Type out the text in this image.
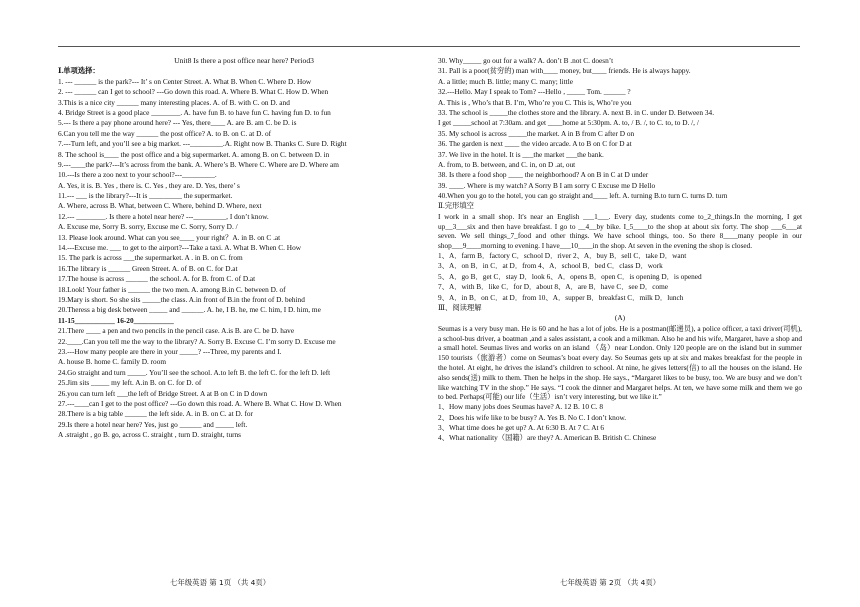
Unit8 Is there a post office near here? Period3
Ⅰ.单项选择：
1. --- ______ is the park?--- It’ s on Center Street. A. What B. When C. Where D. How
2. --- ______ can I get to school? ---Go down this road. A. Where B. What C. How D. When
3.This is a nice city ______ many interesting places. A. of B. with C. on D. and
4. Bridge Street is a good place ________. A. have fun B. to have fun C. having fun D. to fun
5.--- Is there a pay phone around here? --- Yes, there____ A. are B. am C. be D. is
6.Can you tell me the way ______ the post office? A. to B. on C. at D. of
7.---Turn left, and you’ll see a big market. ---_________.A. Right now B. Thanks C. Sure D. Right
8. The school is____ the post office and a big supermarket. A. among B. on C. between D. in
9.---____the park?---It’s across from the bank. A. Where’s B. Where C. Where are D. Where am
10.---Is there a zoo next to your school?---_________.
A. Yes, it is. B. Yes , there is. C. Yes , they are. D. Yes, there’ s
11.--- ___ is the library?---It is _________ the supermarket.
A. Where, across B. What, between C. Where, behind D. Where, next
12.--- ________. Is there a hotel near here? ---_________, I don’t know.
A. Excuse me, Sorry B. sorry, Excuse me C. Sorry, Sorry D. /
13. Please look around. What can you see____ your right？A. in B. on C .at
14.---Excuse me. ___ to get to the airport?---Take a taxi. A. What B. When C. How
15. The park is across ___the supermarket. A . in B. on C. from
16.The library is ______ Green Street. A. of B. on C. for D.at
17.The house is across ______ the school. A. for B. from C. of D.at
18.Look! Your father is ______ the two men. A. among B.in C. between D. of
19.Mary is short. So she sits _____the class. A.in front of B.in the front of D. behind
20.Theress a big desk between _____ and ______. A. he, I B. he, me C. him, I D. him, me
11-15___________ 16-20___________
21.There ____ a pen and two pencils in the pencil case. A.is B. are C. be D. have
22.____.Can you tell me the way to the library? A. Sorry B. Excuse C. I’m sorry D. Excuse me
23.---How many people are there in your _____? ---Three, my parents and I.
A. house B. home C. family D. room
24.Go straight and turn _____. You’ll see the school. A.to left B. the left C. for the left D. left
25.Jim sits _____ my left. A.in B. on C. for D. of
26.you can turn left ___the left of Bridge Street. A at B on C in D down
27.---____can I get to the post office? ---Go down this road. A. Where B. What C. How D. When
28.There is a big table ______ the left side. A. in B. on C. at D. for
29.Is there a hotel near here? Yes, just go ______ and _____ left.
A .straight , go B. go, across C. straight , turn D. straight, turns
30. Why_____ go out for a walk? A. don’t B .not C. doesn’t
31. Pall is a poor(贫穷的) man with____ money, but____ friends. He is always happy.
A. a little; much B. little; many C. many; little
32.---Hello. May I speak to Tom? ---Hello , _____ Tom. ______ ?
A. This is , Who’s that B. I’m, Who’re you C. This is, Who’re you
33. The school is _____the clothes store and the library. A. next B. in C. under D. Between 34.
I get _____school at 7:30am. and get ____home at 5:30pm. A. to, / B. /, to C. to, to D. /, /
35. My school is across _____the market. A in B from C after D on
36. The garden is next ____ the video arcade. A to B on C for D at
37. We live in the hotel. It is ___the market ___the bank.
A. from, to B. between, and C. in, on D .at, out
38. Is there a food shop ____ the neighborhood? A on B in C at D under
39. ____. Where is my watch? A Sorry B I am sorry C Excuse me D Hello
40.When you go to the hotel, you can go straight and____ left. A. turning B.to turn C. turns D. turn
Ⅱ.完形填空
I work in a small shop. It's near an English ___1___. Every day, students come to_2_things.In the morning, I get up__3___six and then have breakfast. I go to __4__by bike. I_5____to the shop at about six forty. The shop ___6___at seven. We sell things_7_food and other things. We have school things, too. So there 8____many people in our shop___9____morning to evening. I have___10____in the shop. At seven in the evening the shop is closed.
1、A．farm B．factory C．school D．river 2、A．buy B．sell C．take D．want
3、A．on B．in C．at D．from 4、A．school B．bed C．class D．work
5、A．go B．get C．stay D．look 6、A．opens B．open C．is opening D．is opened
7、A．with B．like C．for D．about 8、A．are B．have C．see D．come
9、A．in B．on C．at D．from 10、A．supper B．breakfast C．milk D．lunch
Ⅲ、阅读理解
(A)
Seumas is a very busy man. He is 60 and he has a lot of jobs. He is a postman(邮递员), a police officer, a taxi driver(司机), a school-bus driver, a boatman ,and a sales assistant, a cook and a milkman. Also he and his wife, Margaret, have a shop and a small hotel. Seumas lives and works on an island （岛）near London. Only 120 people are on the island but in summer 150 tourists（旅游者）come on Seumas’s boat every day. So Seumas gets up at six and makes breakfast for the people in the hotel. At eight, he drives the island’s children to school. At nine, he gives letters(信) to all the houses on the island. He also sends(送) milk to them. Then he helps in the shop. He says., “Margaret likes to be busy, too. We are busy and we don’t like watching TV in the shop.” He says. “I cook the dinner and Margaret helps. At ten, we have some milk and them we go to bed. Perhaps(可能) our life（生活）isn’t very interesting, but we like it.”
1、How many jobs does Seumas have? A. 12 B. 10 C. 8
2、Does his wife like to be busy? A. Yes B. No C. I don’t know.
3、What time does he get up? A. At 6:30 B. At 7 C. At 6
4、What nationality（国籍）are they? A. American B. British C. Chinese
七年级英语 第 1页 （共 4页）	七年级英语 第 2页 （共 4页）
